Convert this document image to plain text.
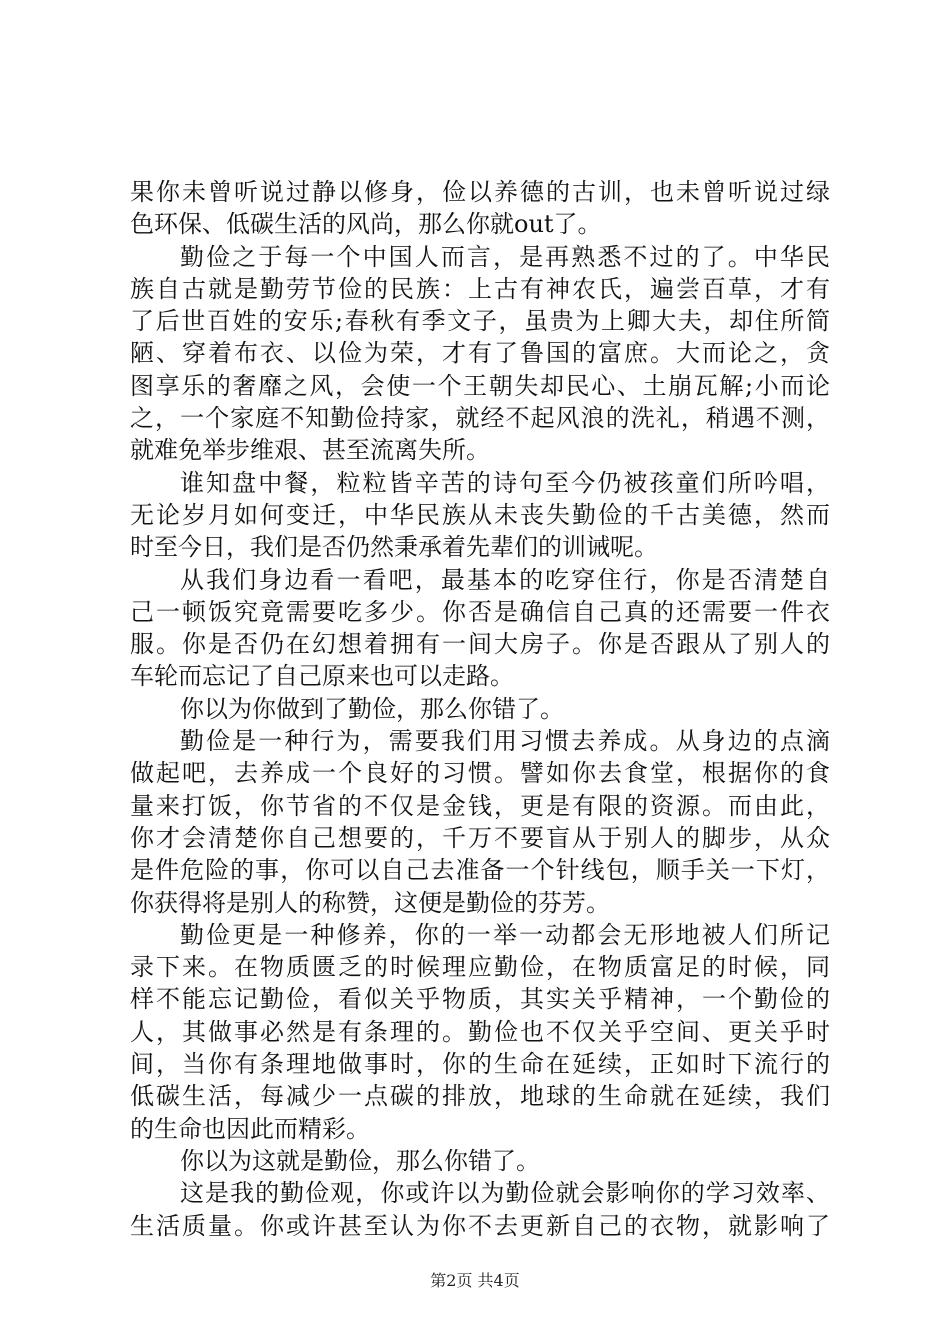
果你未曾听说过静以修身，俭以养德的古训，也未曾听说过绿
色环保、低碳生活的风尚，那么你就out了。
勤俭之于每一个中国人而言，是再熟悉不过的了。中华民
族自古就是勤劳节俭的民族：上古有神农氏，遍尝百草，才有
了后世百姓的安乐;春秋有季文子，虽贵为上卿大夫，却住所简
陋、穿着布衣、以俭为荣，才有了鲁国的富庶。大而论之，贪
图享乐的奢靡之风，会使一个王朝失却民心、土崩瓦解;小而论
之，一个家庭不知勤俭持家，就经不起风浪的洗礼，稍遇不测，
就难免举步维艰、甚至流离失所。
谁知盘中餐，粒粒皆辛苦的诗句至今仍被孩童们所吟唱，
无论岁月如何变迁，中华民族从未丧失勤俭的千古美德，然而
时至今日，我们是否仍然秉承着先辈们的训诫呢。
从我们身边看一看吧，最基本的吃穿住行，你是否清楚自
己一顿饭究竟需要吃多少。你否是确信自己真的还需要一件衣
服。你是否仍在幻想着拥有一间大房子。你是否跟从了别人的
车轮而忘记了自己原来也可以走路。
你以为你做到了勤俭，那么你错了。
勤俭是一种行为，需要我们用习惯去养成。从身边的点滴
做起吧，去养成一个良好的习惯。譬如你去食堂，根据你的食
量来打饭，你节省的不仅是金钱，更是有限的资源。而由此，
你才会清楚你自己想要的，千万不要盲从于别人的脚步，从众
是件危险的事，你可以自己去准备一个针线包，顺手关一下灯，
你获得将是别人的称赞，这便是勤俭的芬芳。
勤俭更是一种修养，你的一举一动都会无形地被人们所记
录下来。在物质匮乏的时候理应勤俭，在物质富足的时候，同
样不能忘记勤俭，看似关乎物质，其实关乎精神，一个勤俭的
人，其做事必然是有条理的。勤俭也不仅关乎空间、更关乎时
间，当你有条理地做事时，你的生命在延续，正如时下流行的
低碳生活，每减少一点碳的排放，地球的生命就在延续，我们
的生命也因此而精彩。
你以为这就是勤俭，那么你错了。
这是我的勤俭观，你或许以为勤俭就会影响你的学习效率、
生活质量。你或许甚至认为你不去更新自己的衣物，就影响了
第2页 共4页
